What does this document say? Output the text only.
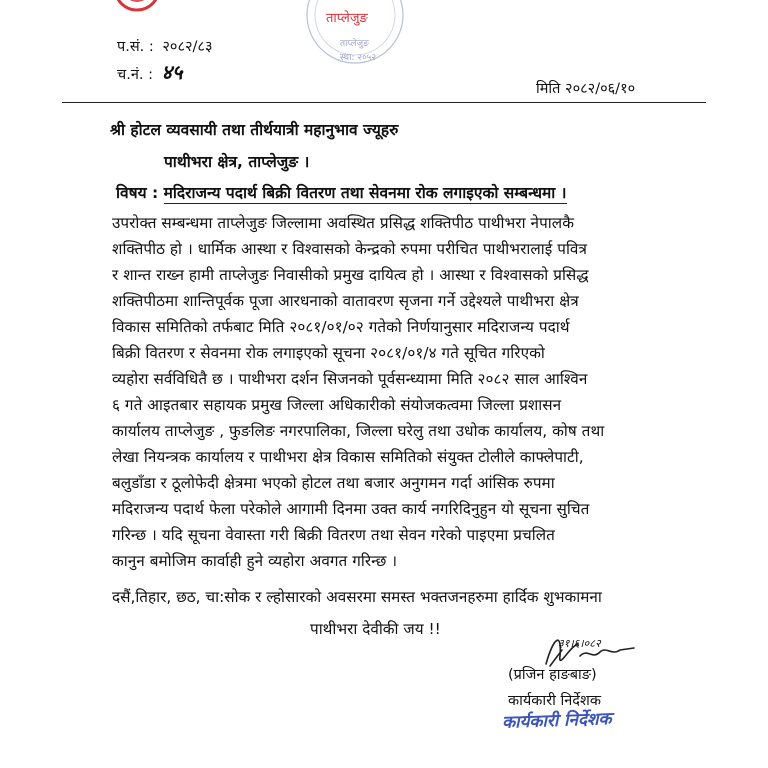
ताप्लेजुङ
ताप्लेजुङ
स्था: २०५२
प.सं. : २०८२/८३
च.नं. : ४५
मिति २०८२/०६/१०
श्री होटल व्यवसायी तथा तीर्थयात्री महानुभाव ज्यूहरु
पाथीभरा क्षेत्र, ताप्लेजुङ ।
विषय : मदिराजन्य पदार्थ बिक्री वितरण तथा सेवनमा रोक लगाइएको सम्बन्धमा ।
उपरोक्त सम्बन्धमा ताप्लेजुङ जिल्लामा अवस्थित प्रसिद्ध शक्तिपीठ पाथीभरा नेपालकै
शक्तिपीठ हो । धार्मिक आस्था र विश्वासको केन्द्रको रुपमा परीचित पाथीभरालाई पवित्र
र शान्त राख्न हामी ताप्लेजुङ निवासीको प्रमुख दायित्व हो । आस्था र विश्वासको प्रसिद्ध
शक्तिपीठमा शान्तिपूर्वक पूजा आरधनाको वातावरण सृजना गर्ने उद्देश्यले पाथीभरा क्षेत्र
विकास समितिको तर्फबाट मिति २०८१/०१/०२ गतेको निर्णयानुसार मदिराजन्य पदार्थ
बिक्री वितरण र सेवनमा रोक लगाइएको सूचना २०८१/०१/४ गते सूचित गरिएको
व्यहोरा सर्वविधितै छ । पाथीभरा दर्शन सिजनको पूर्वसन्ध्यामा मिति २०८२ साल आश्विन
६ गते आइतबार सहायक प्रमुख जिल्ला अधिकारीको संयोजकत्वमा जिल्ला प्रशासन
कार्यालय ताप्लेजुङ , फुङलिङ नगरपालिका, जिल्ला घरेलु तथा उधोक कार्यालय, कोष तथा
लेखा नियन्त्रक कार्यालय र पाथीभरा क्षेत्र विकास समितिको संयुक्त टोलीले काफ्लेपाटी,
बलुडाँडा र ठूलोफेदी क्षेत्रमा भएको होटल तथा बजार अनुगमन गर्दा आंसिक रुपमा
मदिराजन्य पदार्थ फेला परेकोले आगामी दिनमा उक्त कार्य नगरिदिनुहुन यो सूचना सुचित
गरिन्छ । यदि सूचना वेवास्ता गरी बिक्री वितरण तथा सेवन गरेको पाइएमा प्रचलित
कानुन बमोजिम कार्वाही हुने व्यहोरा अवगत गरिन्छ ।
दसैं,तिहार, छठ, चा:सोक र ल्होसारको अवसरमा समस्त भक्तजनहरुमा हार्दिक शुभकामना
पाथीभरा देवीकी जय !!
३१।६।०८२
(प्रजिन हाङबाङ)
कार्यकारी निर्देशक
कार्यकारी निर्देशक
